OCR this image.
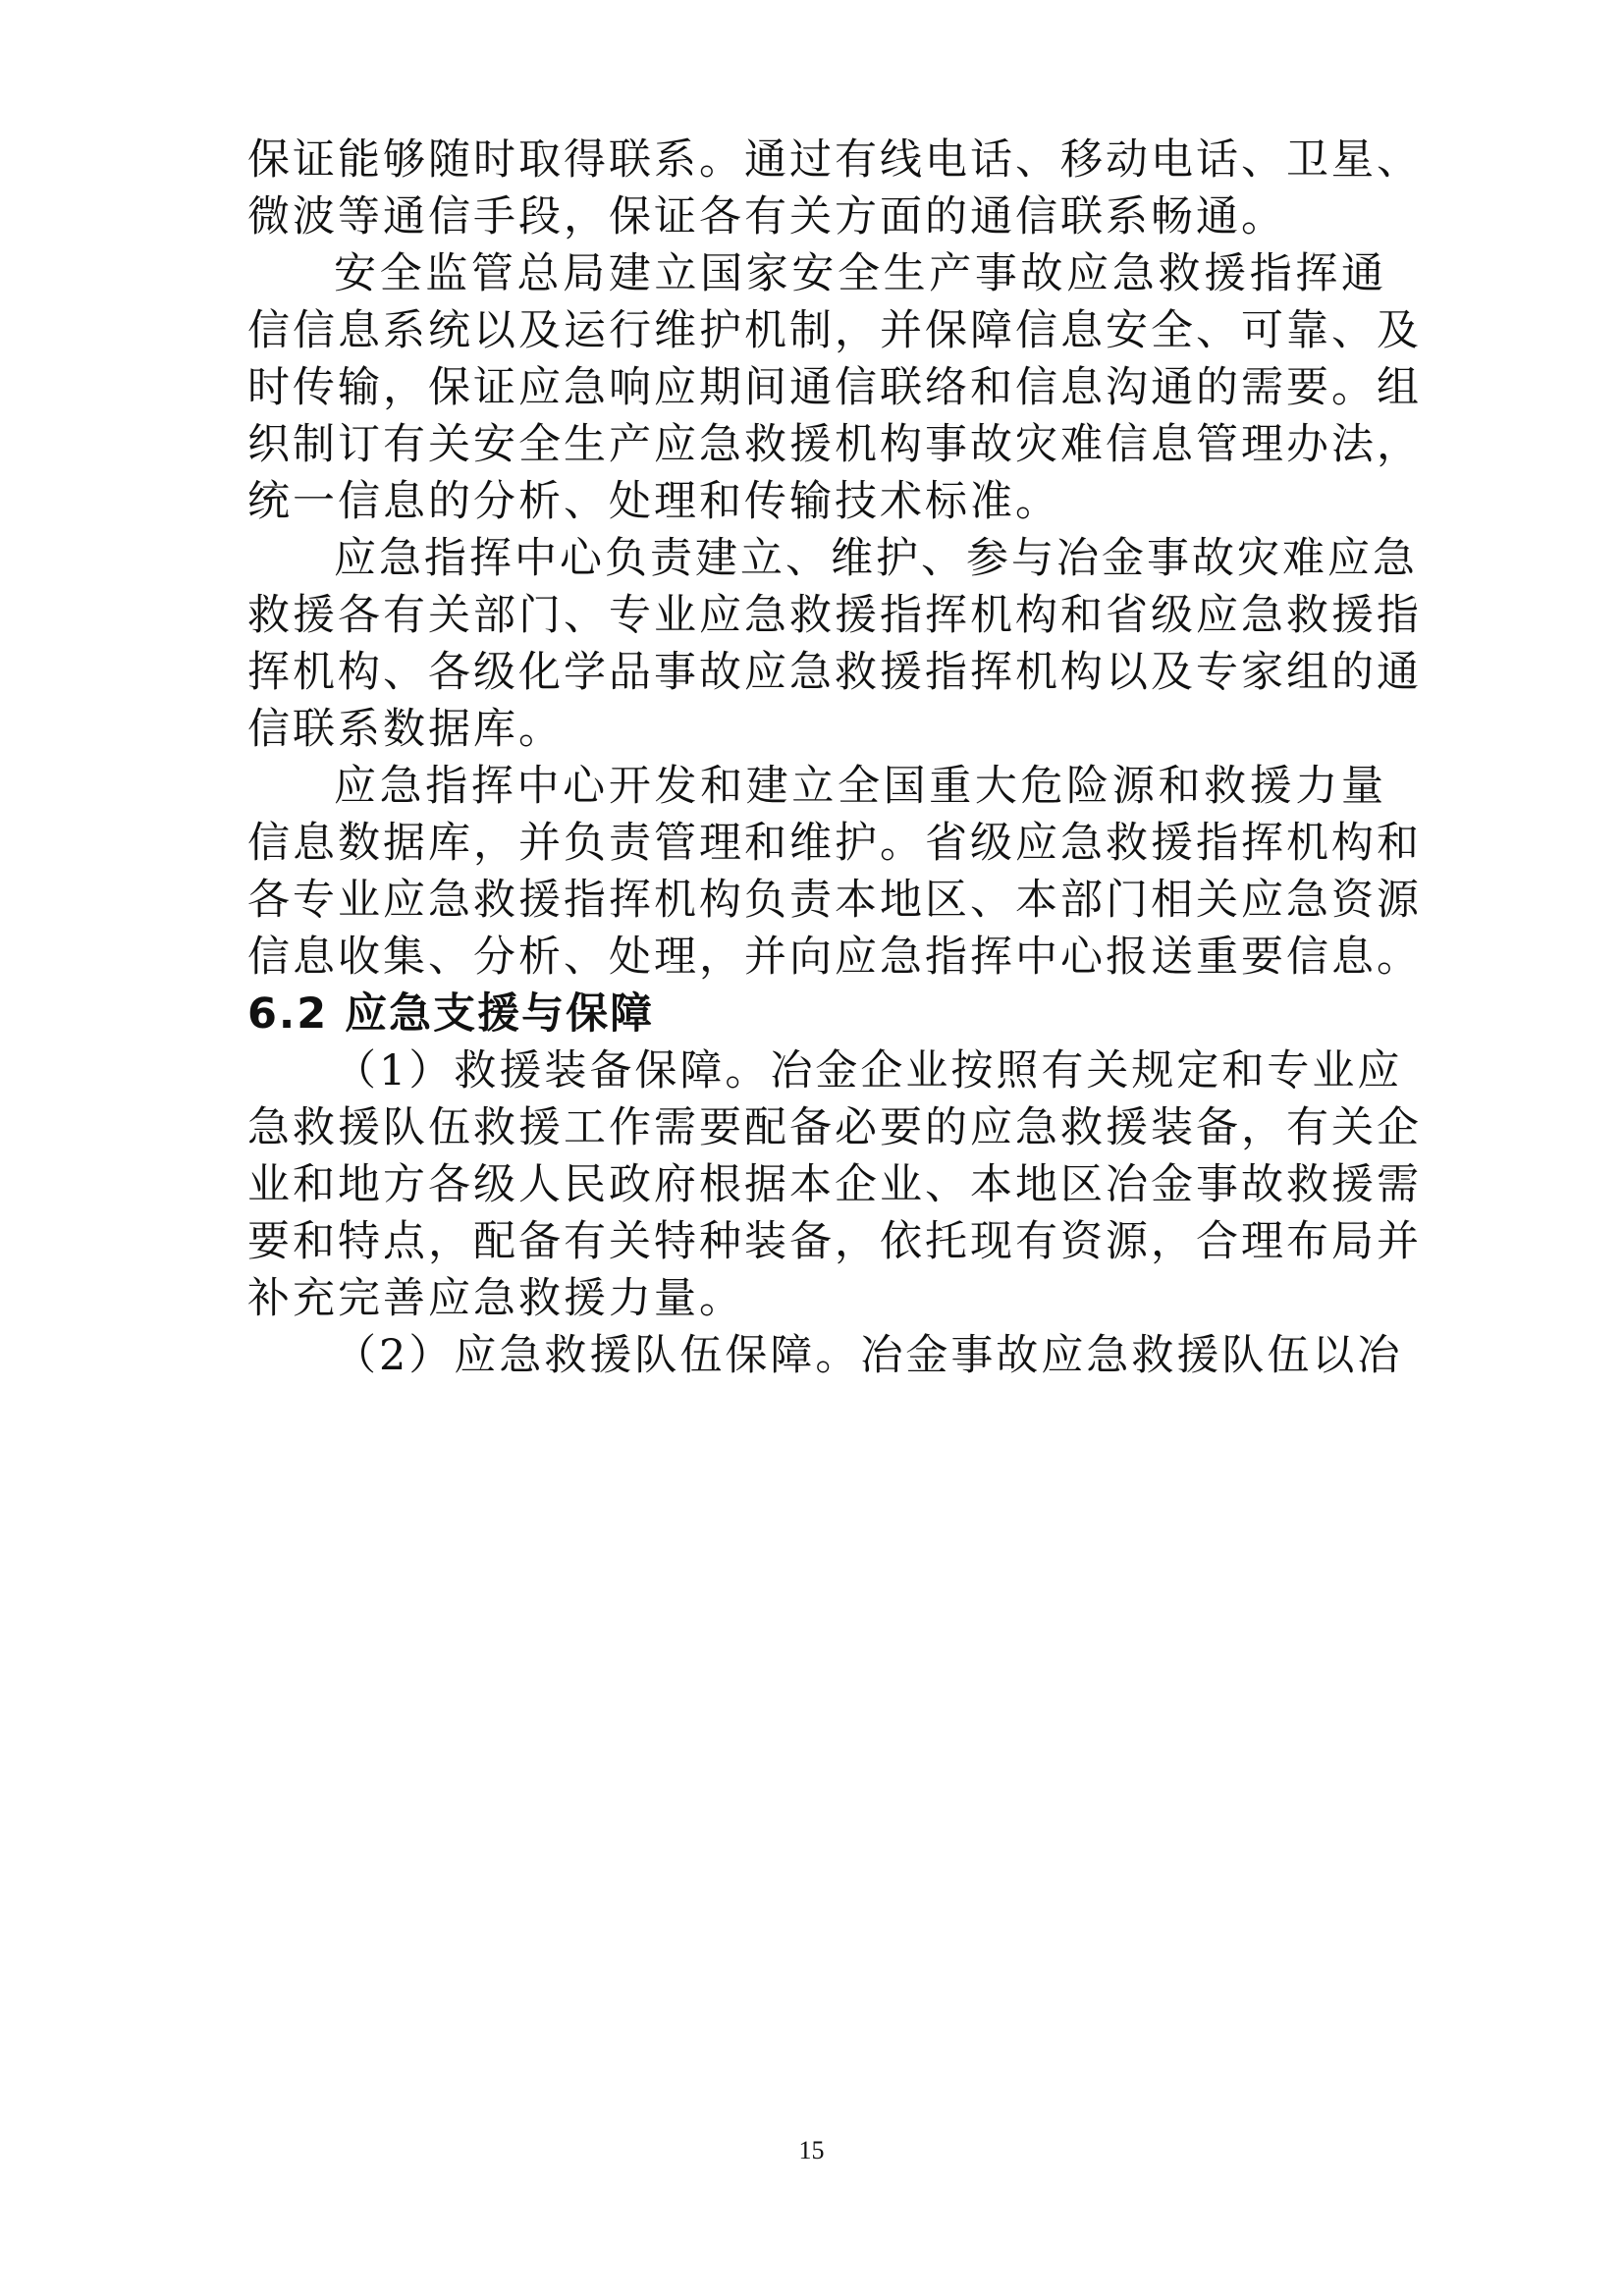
保证能够随时取得联系。通过有线电话、移动电话、卫星、
微波等通信手段，保证各有关方面的通信联系畅通。
安全监管总局建立国家安全生产事故应急救援指挥通
信信息系统以及运行维护机制，并保障信息安全、可靠、及
时传输，保证应急响应期间通信联络和信息沟通的需要。组
织制订有关安全生产应急救援机构事故灾难信息管理办法，
统一信息的分析、处理和传输技术标准。
应急指挥中心负责建立、维护、参与冶金事故灾难应急
救援各有关部门、专业应急救援指挥机构和省级应急救援指
挥机构、各级化学品事故应急救援指挥机构以及专家组的通
信联系数据库。
应急指挥中心开发和建立全国重大危险源和救援力量
信息数据库，并负责管理和维护。省级应急救援指挥机构和
各专业应急救援指挥机构负责本地区、本部门相关应急资源
信息收集、分析、处理，并向应急指挥中心报送重要信息。
6.2 应急支援与保障
（1）救援装备保障。冶金企业按照有关规定和专业应
急救援队伍救援工作需要配备必要的应急救援装备，有关企
业和地方各级人民政府根据本企业、本地区冶金事故救援需
要和特点，配备有关特种装备，依托现有资源，合理布局并
补充完善应急救援力量。
（2）应急救援队伍保障。冶金事故应急救援队伍以冶
15
